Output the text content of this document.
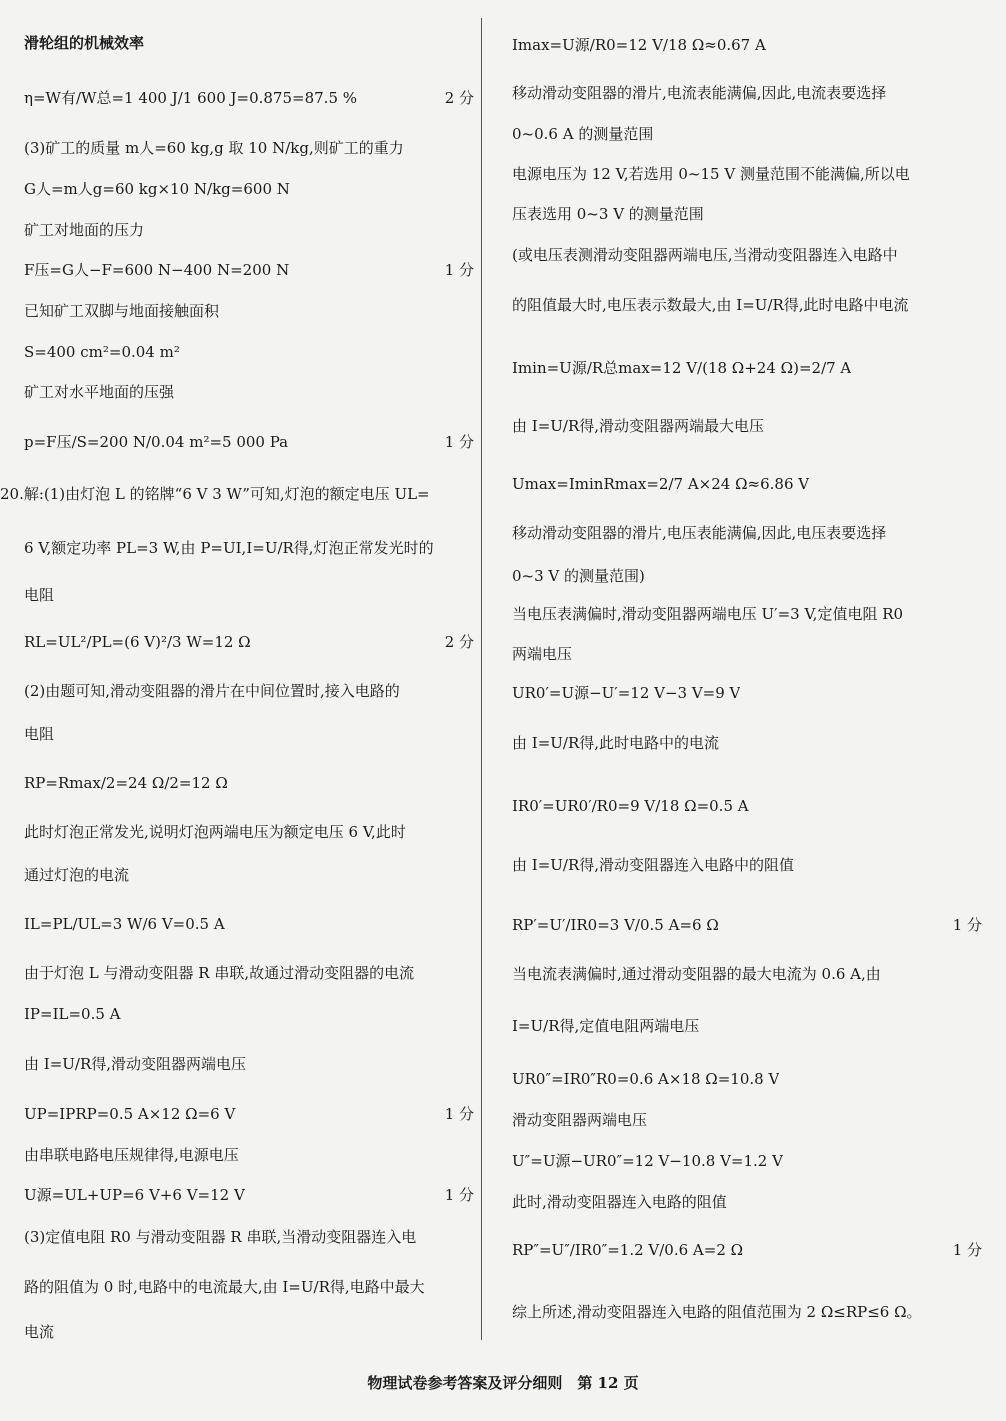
滑轮组的机械效率
η=W有/W总=1 400 J/1 600 J=0.875=87.5 %	2 分
(3)矿工的质量 m人=60 kg,g 取 10 N/kg,则矿工的重力
G人=m人g=60 kg×10 N/kg=600 N
矿工对地面的压力
F压=G人−F=600 N−400 N=200 N	1 分
已知矿工双脚与地面接触面积
S=400 cm²=0.04 m²
矿工对水平地面的压强
p=F压/S=200 N/0.04 m²=5 000 Pa	1 分
20.解:(1)由灯泡 L 的铭牌“6 V 3 W”可知,灯泡的额定电压 UL=
6 V,额定功率 PL=3 W,由 P=UI,I=U/R得,灯泡正常发光时的
电阻
RL=UL²/PL=(6 V)²/3 W=12 Ω	2 分
(2)由题可知,滑动变阻器的滑片在中间位置时,接入电路的
电阻
RP=Rmax/2=24 Ω/2=12 Ω
此时灯泡正常发光,说明灯泡两端电压为额定电压 6 V,此时
通过灯泡的电流
IL=PL/UL=3 W/6 V=0.5 A
由于灯泡 L 与滑动变阻器 R 串联,故通过滑动变阻器的电流
IP=IL=0.5 A
由 I=U/R得,滑动变阻器两端电压
UP=IPRP=0.5 A×12 Ω=6 V	1 分
由串联电路电压规律得,电源电压
U源=UL+UP=6 V+6 V=12 V	1 分
(3)定值电阻 R0 与滑动变阻器 R 串联,当滑动变阻器连入电
路的阻值为 0 时,电路中的电流最大,由 I=U/R得,电路中最大
电流
Imax=U源/R0=12 V/18 Ω≈0.67 A
移动滑动变阻器的滑片,电流表能满偏,因此,电流表要选择
0~0.6 A 的测量范围
电源电压为 12 V,若选用 0~15 V 测量范围不能满偏,所以电
压表选用 0~3 V 的测量范围
(或电压表测滑动变阻器两端电压,当滑动变阻器连入电路中
的阻值最大时,电压表示数最大,由 I=U/R得,此时电路中电流
Imin=U源/R总max=12 V/(18 Ω+24 Ω)=2/7 A
由 I=U/R得,滑动变阻器两端最大电压
Umax=IminRmax=2/7 A×24 Ω≈6.86 V
移动滑动变阻器的滑片,电压表能满偏,因此,电压表要选择
0~3 V 的测量范围)
当电压表满偏时,滑动变阻器两端电压 U′=3 V,定值电阻 R0
两端电压
UR0′=U源−U′=12 V−3 V=9 V
由 I=U/R得,此时电路中的电流
IR0′=UR0′/R0=9 V/18 Ω=0.5 A
由 I=U/R得,滑动变阻器连入电路中的阻值
RP′=U′/IR0=3 V/0.5 A=6 Ω	1 分
当电流表满偏时,通过滑动变阻器的最大电流为 0.6 A,由
I=U/R得,定值电阻两端电压
UR0″=IR0″R0=0.6 A×18 Ω=10.8 V
滑动变阻器两端电压
U″=U源−UR0″=12 V−10.8 V=1.2 V
此时,滑动变阻器连入电路的阻值
RP″=U″/IR0″=1.2 V/0.6 A=2 Ω	1 分
综上所述,滑动变阻器连入电路的阻值范围为 2 Ω≤RP≤6 Ω。
物理试卷参考答案及评分细则　第 12 页
